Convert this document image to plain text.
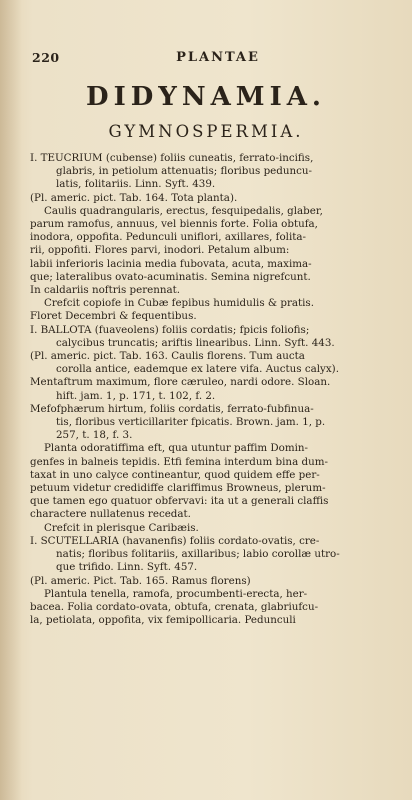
220	PLANTAE
DIDYNAMIA.
GYMNOSPERMIA.
I. TEUCRIUM (cubense) foliis cuneatis, ferrato-incifis,
glabris, in petiolum attenuatis; floribus peduncu-
latis, folitariis. Linn. Syft. 439.
(Pl. americ. pict. Tab. 164. Tota planta).
Caulis quadrangularis, erectus, fesquipedalis, glaber,
parum ramofus, annuus, vel biennis forte. Folia obtufa,
inodora, oppofita. Pedunculi uniflori, axillares, folita-
rii, oppofiti. Flores parvi, inodori. Petalum album:
labii inferioris lacinia media fubovata, acuta, maxima-
que; lateralibus ovato-acuminatis. Semina nigrefcunt.
In caldariis noftris perennat.
Crefcit copiofe in Cubæ fepibus humidulis & pratis.
Floret Decembri & fequentibus.
I. BALLOTA (fuaveolens) foliis cordatis; fpicis foliofis;
calycibus truncatis; ariftis linearibus. Linn. Syft. 443.
(Pl. americ. pict. Tab. 163. Caulis florens. Tum aucta
corolla antice, eademque ex latere vifa. Auctus calyx).
Mentaftrum maximum, flore cæruleo, nardi odore. Sloan.
hift. jam. 1, p. 171, t. 102, f. 2.
Mefofphærum hirtum, foliis cordatis, ferrato-fubfinua-
tis, floribus verticillariter fpicatis. Brown. jam. 1, p.
257, t. 18, f. 3.
Planta odoratiffima eft, qua utuntur paffim Domin-
genfes in balneis tepidis. Etfi femina interdum bina dum-
taxat in uno calyce contineantur, quod quidem effe per-
petuum videtur credidiffe clariffimus Browneus, plerum-
que tamen ego quatuor obfervavi: ita ut a generali claffis
charactere nullatenus recedat.
Crefcit in plerisque Caribæis.
I. SCUTELLARIA (havanenfis) foliis cordato-ovatis, cre-
natis; floribus folitariis, axillaribus; labio corollæ utro-
que trifido. Linn. Syft. 457.
(Pl. americ. Pict. Tab. 165. Ramus florens)
Plantula tenella, ramofa, procumbenti-erecta, her-
bacea. Folia cordato-ovata, obtufa, crenata, glabriufcu-
la, petiolata, oppofita, vix femipollicaria. Pedunculi
